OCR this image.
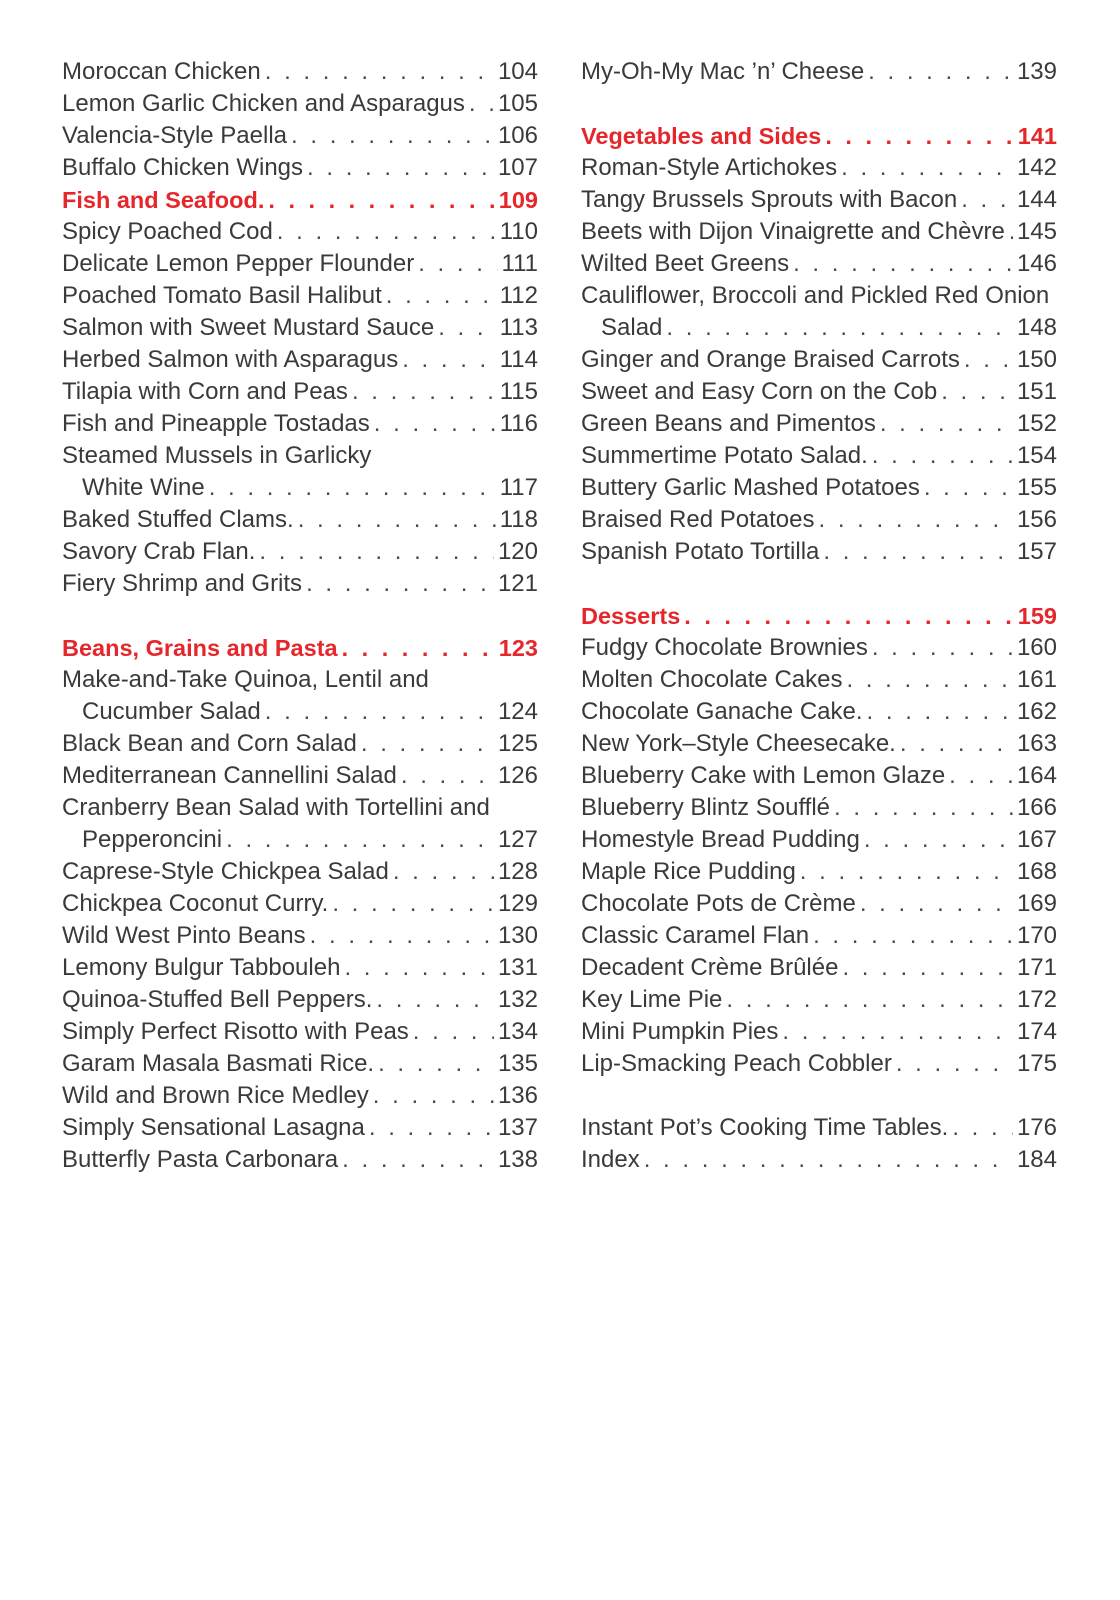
Moroccan Chicken . . .	104
Lemon Garlic Chicken and Asparagus . . . 105
Valencia-Style Paella . . .	106
Buffalo Chicken Wings . . .	107
Fish and Seafood. . . .	109
Spicy Poached Cod . . .	110
Delicate Lemon Pepper Flounder . . .	111
Poached Tomato Basil Halibut . . .	112
Salmon with Sweet Mustard Sauce . . .	113
Herbed Salmon with Asparagus . . .	114
Tilapia with Corn and Peas . . .	115
Fish and Pineapple Tostadas . . .	116
Steamed Mussels in Garlicky
White Wine . . .	117
Baked Stuffed Clams. . . .	118
Savory Crab Flan. . . .	120
Fiery Shrimp and Grits . . .	121
Beans, Grains and Pasta . . .	123
Make-and-Take Quinoa, Lentil and
Cucumber Salad . . .	124
Black Bean and Corn Salad . . .	125
Mediterranean Cannellini Salad . . .	126
Cranberry Bean Salad with Tortellini and
Pepperoncini . . .	127
Caprese-Style Chickpea Salad . . .	128
Chickpea Coconut Curry. . . .	129
Wild West Pinto Beans . . .	130
Lemony Bulgur Tabbouleh . . .	131
Quinoa-Stuffed Bell Peppers. . . .	132
Simply Perfect Risotto with Peas . . .	134
Garam Masala Basmati Rice. . . .	135
Wild and Brown Rice Medley . . .	136
Simply Sensational Lasagna . . .	137
Butterfly Pasta Carbonara . . .	138
My-Oh-My Mac ’n’ Cheese . . .	139
Vegetables and Sides . . .	141
Roman-Style Artichokes . . .	142
Tangy Brussels Sprouts with Bacon . . . 144
Beets with Dijon Vinaigrette and Chèvre . . . 145
Wilted Beet Greens . . .	146
Cauliflower, Broccoli and Pickled Red Onion
Salad . . .	148
Ginger and Orange Braised Carrots . . . 150
Sweet and Easy Corn on the Cob . . .	151
Green Beans and Pimentos . . .	152
Summertime Potato Salad. . . .	154
Buttery Garlic Mashed Potatoes . . .	155
Braised Red Potatoes . . .	156
Spanish Potato Tortilla . . .	157
Desserts . . .	159
Fudgy Chocolate Brownies . . .	160
Molten Chocolate Cakes . . .	161
Chocolate Ganache Cake. . . .	162
New York–Style Cheesecake. . . .	163
Blueberry Cake with Lemon Glaze . . .	164
Blueberry Blintz Soufflé . . .	166
Homestyle Bread Pudding . . .	167
Maple Rice Pudding . . .	168
Chocolate Pots de Crème . . .	169
Classic Caramel Flan . . .	170
Decadent Crème Brûlée . . .	171
Key Lime Pie . . .	172
Mini Pumpkin Pies . . .	174
Lip-Smacking Peach Cobbler . . .	175
Instant Pot’s Cooking Time Tables. . . .	176
Index . . .	184
